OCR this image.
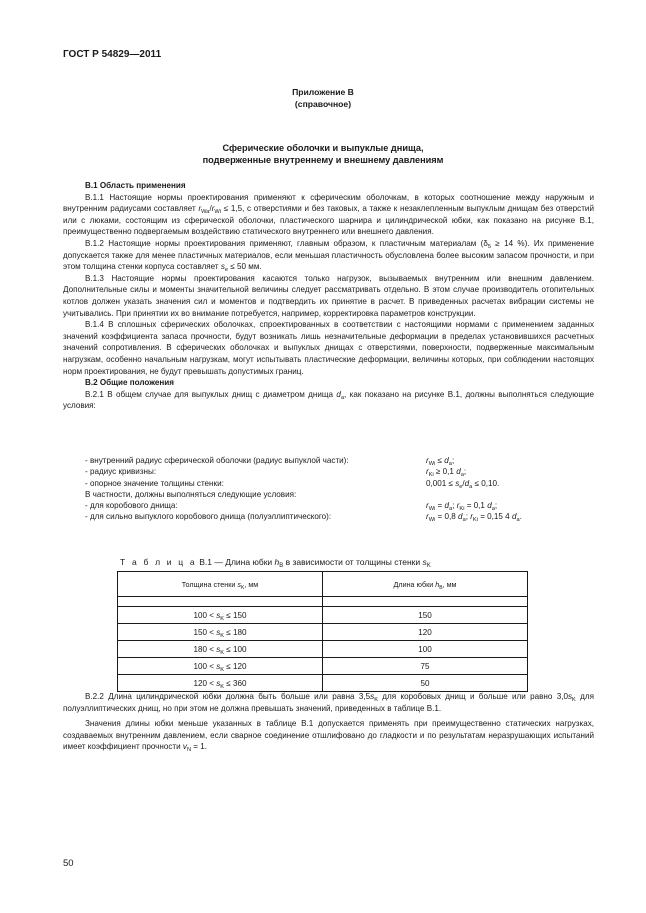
ГОСТ Р 54829—2011
Приложение В
(справочное)
Сферические оболочки и выпуклые днища,
подверженные внутреннему и внешнему давлениям

В.1 Область применения

В.1.1 Настоящие нормы проектирования применяют к сферическим оболочкам, в которых соотношение между наружным и внутренним радиусами составляет $r_{Wa}/r_{Wi} \le 1,5$, с отверстиями и без таковых, а также к незаклепленным выпуклым днищам без отверстий или с люками, состоящим из сферической оболочки, пластического шарнира и цилиндрической юбки, как показано на рисунке В.1, преимущественно подвергаемым воздействию статического внутреннего или внешнего давления.

В.1.2 Настоящие нормы проектирования применяют, главным образом, к пластичным материалам ($\delta_5 \ge 14$ %). Их применение допускается также для менее пластичных материалов, если меньшая пластичность обусловлена более высоким запасом прочности, и при этом толщина стенки корпуса составляет $s_e \le 50$ мм.

В.1.3 Настоящие нормы проектирования касаются только нагрузок, вызываемых внутренним или внешним давлением. Дополнительные силы и моменты значительной величины следует рассматривать отдельно. В этом случае производитель отопительных котлов должен указать значения сил и моментов и подтвердить их принятие в расчет. В приведенных расчетах вибрации системы не учитывались. При принятии их во внимание потребуется, например, корректировка параметров конструкции.

В.1.4 В сплошных сферических оболочках, спроектированных в соответствии с настоящими нормами с применением заданных значений коэффициента запаса прочности, будут возникать лишь незначительные деформации в пределах установившихся расчетных значений сопротивления. В сферических оболочках и выпуклых днищах с отверстиями, поверхности, подверженные максимальным нагрузкам, особенно начальным нагрузкам, могут испытывать пластические деформации, величины которых, при соблюдении настоящих норм проектирования, не будут превышать допустимых границ.

В.2 Общие положения

В.2.1 В общем случае для выпуклых днищ с диаметром днища $d_a$, как показано на рисунке В.1, должны выполняться следующие условия:

- внутренний радиус сферической оболочки (радиус выпуклой части):	$r_{Wi} \le d_a$;
- радиус кривизны:	$r_{Ki} \ge 0,1$ $d_a$;
- опорное значение толщины стенки:	$0,001 \le s_e/d_a \le 0,10$.
В частности, должны выполняться следующие условия:
- для коробового днища:	$r_{Wi} = d_a$; $r_{Ki} = 0,1$ $d_a$;
- для сильно выпуклого коробового днища (полуэллиптического):	$r_{Wi} = 0,8$ $d_a$; $r_{Ki} = 0,15$ 4 $d_a$.
Т а б л и ц а В.1 — Длина юбки $h_B$ в зависимости от толщины стенки $s_K$
Толщина стенки $s_K$, мм	Длина юбки $h_B$, мм

$100 < s_K \le 150$	150
$150 < s_K \le 180$	120
$180 < s_K \le 100$	100
$100 < s_K \le 120$	75
$120 < s_K \le 360$	50

В.2.2 Длина цилиндрической юбки должна быть больше или равна $3,5s_K$ для коробовых днищ и больше или равно $3,0s_K$ для полуэллиптических днищ, но при этом не должна превышать значений, приведенных в таблице В.1.

Значения длины юбки меньше указанных в таблице В.1 допускается применять при преимущественно статических нагрузках, создаваемых внутренним давлением, если сварное соединение отшлифовано до гладкости и по результатам неразрушающих испытаний имеет коэффициент прочности $v_N = 1$.

50
